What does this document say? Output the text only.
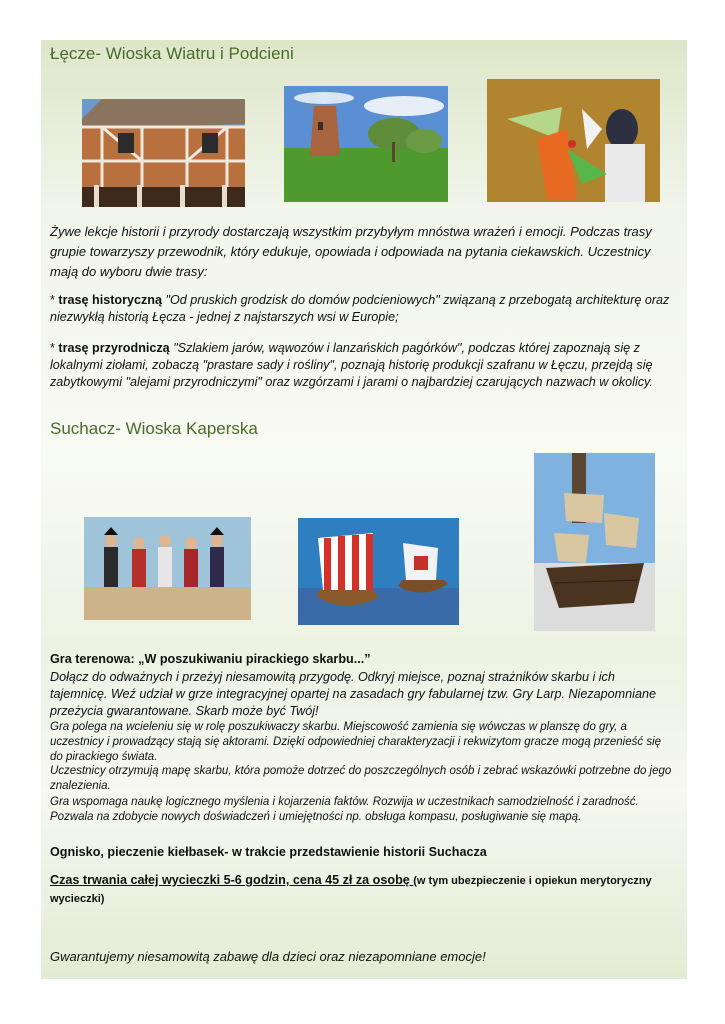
Łęcze- Wioska Wiatru i Podcieni

Żywe lekcje historii i przyrody dostarczają wszystkim przybyłym mnóstwa wrażeń i emocji. Podczas trasy grupie towarzyszy przewodnik, który edukuje, opowiada i odpowiada na pytania ciekawskich. Uczestnicy mają do wyboru dwie trasy:

* trasę historyczną "Od pruskich grodzisk do domów podcieniowych" związaną z przebogatą architekturę oraz niezwykłą historią Łęcza - jednej z najstarszych wsi w Europie;

* trasę przyrodniczą "Szlakiem jarów, wąwozów i lanzańskich pagórków", podczas której zapoznają się z lokalnymi ziołami, zobaczą "prastare sady i rośliny", poznają historię produkcji szafranu w Łęczu, przejdą się zabytkowymi "alejami przyrodniczymi" oraz wzgórzami i jarami o najbardziej czarujących nazwach w okolicy.

Suchacz- Wioska Kaperska

Gra terenowa: „W poszukiwaniu pirackiego skarbu...”

Dołącz do odważnych i przeżyj niesamowitą przygodę. Odkryj miejsce, poznaj strażników skarbu i ich tajemnicę. Weź udział w grze integracyjnej opartej na zasadach gry fabularnej tzw. Gry Larp. Niezapomniane przeżycia gwarantowane. Skarb może być Twój!

Gra polega na wcieleniu się w rolę poszukiwaczy skarbu. Miejscowość zamienia się wówczas w planszę do gry, a uczestnicy i prowadzący stają się aktorami. Dzięki odpowiedniej charakteryzacji i rekwizytom gracze mogą przenieść się do pirackiego świata.

Uczestnicy otrzymują mapę skarbu, która pomoże dotrzeć do poszczególnych osób i zebrać wskazówki potrzebne do jego znalezienia.

Gra wspomaga naukę logicznego myślenia i kojarzenia faktów. Rozwija w uczestnikach samodzielność i zaradność. Pozwala na zdobycie nowych doświadczeń i umiejętności np. obsługa kompasu, posługiwanie się mapą.

Ognisko, pieczenie kiełbasek- w trakcie przedstawienie historii Suchacza

Czas trwania całej wycieczki 5-6 godzin, cena 45 zł za osobę (w tym ubezpieczenie i opiekun merytoryczny wycieczki)

Gwarantujemy niesamowitą zabawę dla dzieci oraz niezapomniane emocje!
